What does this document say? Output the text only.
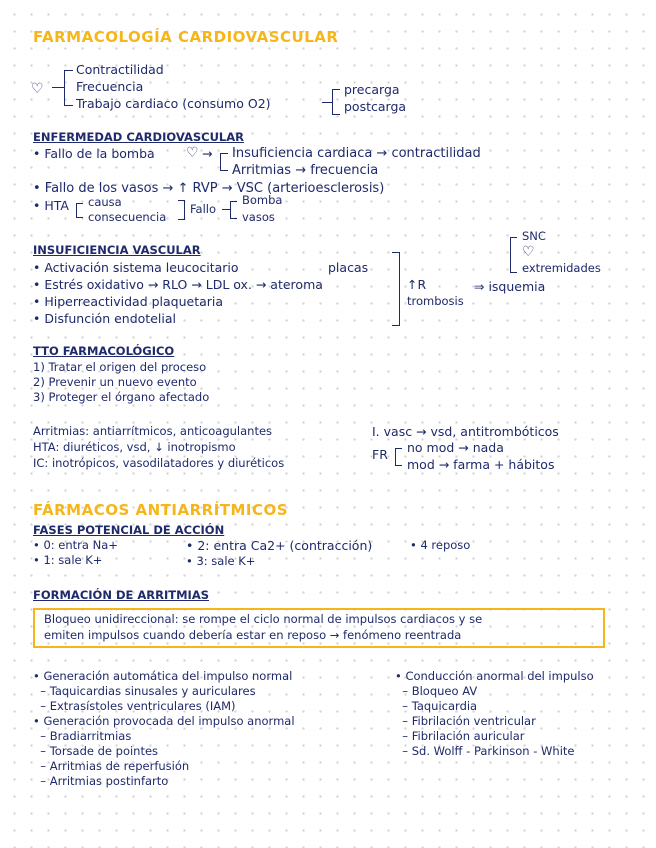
FARMACOLOGÍA CARDIOVASCULAR
♡
Contractilidad
Frecuencia
Trabajo cardiaco (consumo O2)
precarga
postcarga
ENFERMEDAD CARDIOVASCULAR
• Fallo de la bomba ♡ → Insuficiencia cardiaca → contractilidad
Arritmias → frecuencia
• Fallo de los vasos → ↑ RVP → VSC (arterioesclerosis)
• HTA causa
consecuencia
Fallo
Bomba
vasos
INSUFICIENCIA VASCULAR
• Activación sistema leucocitario	placas
• Estrés oxidativo → RLO → LDL ox. → ateroma
• Hiperreactividad plaquetaria
• Disfunción endotelial
↑R
trombosis
⇒ isquemia
SNC
♡
extremidades
TTO FARMACOLÓGICO
1) Tratar el origen del proceso
2) Prevenir un nuevo evento
3) Proteger el órgano afectado
Arritmias: antiarrítmicos, anticoagulantes
HTA: diuréticos, vsd, ↓ inotropismo
IC: inotrópicos, vasodilatadores y diuréticos
I. vasc → vsd, antitrombóticos
FR no mod → nada
mod → farma + hábitos
FÁRMACOS ANTIARRÍTMICOS
FASES POTENCIAL DE ACCIÓN
• 0: entra Na+
• 1: sale K+
• 2: entra Ca2+ (contracción)
• 3: sale K+
• 4 reposo
FORMACIÓN DE ARRITMIAS
Bloqueo unidireccional: se rompe el ciclo normal de impulsos cardiacos y se
emiten impulsos cuando debería estar en reposo → fenómeno reentrada
• Generación automática del impulso normal
– Taquicardias sinusales y auriculares
– Extrasístoles ventriculares (IAM)
• Generación provocada del impulso anormal
– Bradiarritmias
– Torsade de pointes
– Arritmias de reperfusión
– Arritmias postinfarto
• Conducción anormal del impulso
– Bloqueo AV
– Taquicardia
– Fibrilación ventricular
– Fibrilación auricular
– Sd. Wolff - Parkinson - White
